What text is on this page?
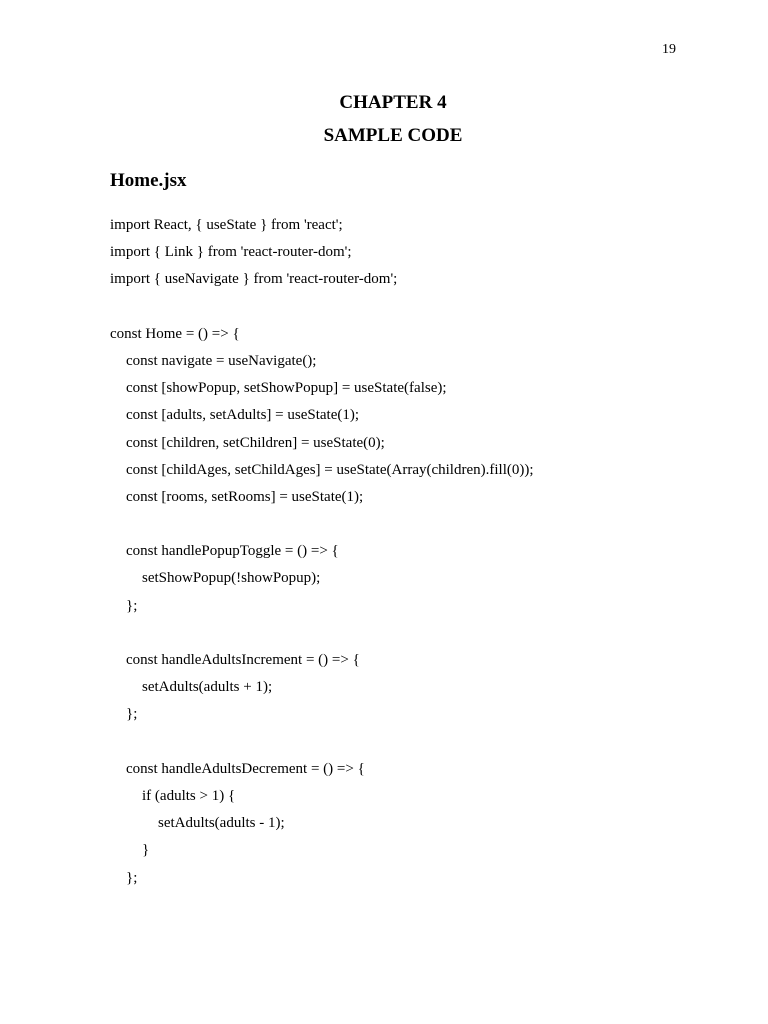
19
CHAPTER 4
SAMPLE CODE
Home.jsx
import React, { useState } from 'react';
import { Link } from 'react-router-dom';
import { useNavigate } from 'react-router-dom';
const Home = () => {
const navigate = useNavigate();
const [showPopup, setShowPopup] = useState(false);
const [adults, setAdults] = useState(1);
const [children, setChildren] = useState(0);
const [childAges, setChildAges] = useState(Array(children).fill(0));
const [rooms, setRooms] = useState(1);
const handlePopupToggle = () => {
setShowPopup(!showPopup);
};
const handleAdultsIncrement = () => {
setAdults(adults + 1);
};
const handleAdultsDecrement = () => {
if (adults > 1) {
setAdults(adults - 1);
}
};
